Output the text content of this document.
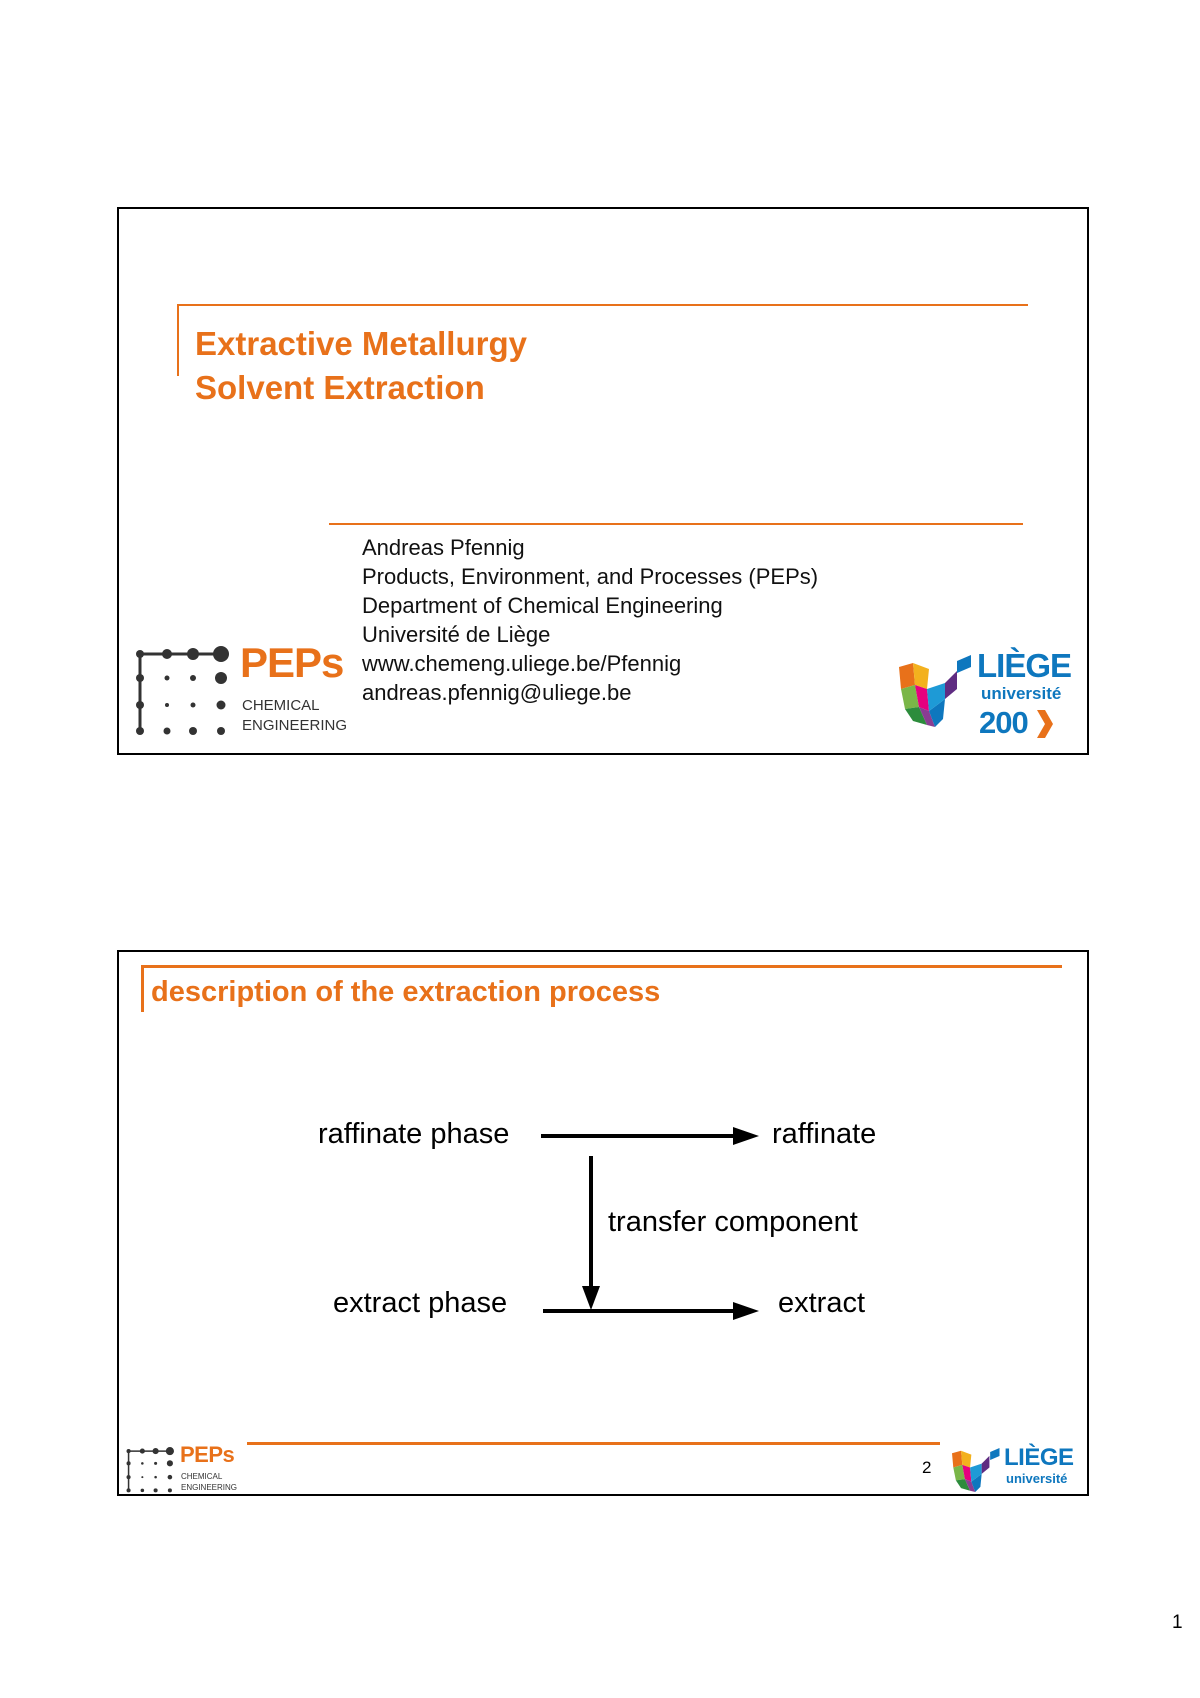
Extractive Metallurgy
Solvent Extraction
Andreas Pfennig
Products, Environment, and Processes (PEPs)
Department of Chemical Engineering
Université de Liège
www.chemeng.uliege.be/Pfennig
andreas.pfennig@uliege.be
PEPs
CHEMICAL
ENGINEERING
LIÈGE
université
200
description of the extraction process
raffinate phase	raffinate
transfer component
extract phase	extract
2
PEPs
CHEMICAL
ENGINEERING
LIÈGE
université
1
